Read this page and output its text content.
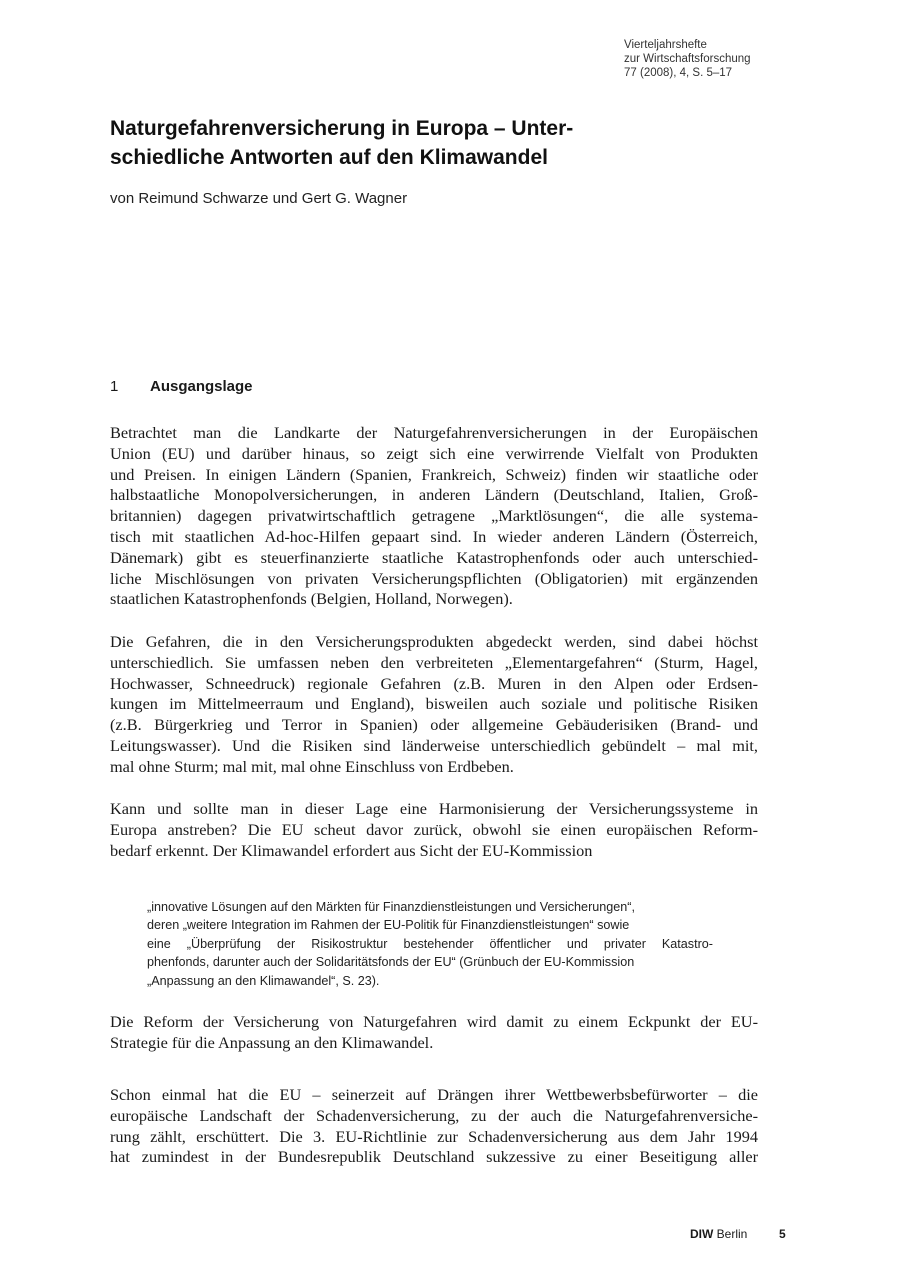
Vierteljahrshefte
zur Wirtschaftsforschung
77 (2008), 4, S. 5–17
Naturgefahrenversicherung in Europa – Unter-
schiedliche Antworten auf den Klimawandel
von Reimund Schwarze und Gert G. Wagner
1 Ausgangslage
Betrachtet man die Landkarte der Naturgefahrenversicherungen in der Europäischen
Union (EU) und darüber hinaus, so zeigt sich eine verwirrende Vielfalt von Produkten
und Preisen. In einigen Ländern (Spanien, Frankreich, Schweiz) finden wir staatliche oder
halbstaatliche Monopolversicherungen, in anderen Ländern (Deutschland, Italien, Groß-
britannien) dagegen privatwirtschaftlich getragene „Marktlösungen“, die alle systema-
tisch mit staatlichen Ad-hoc-Hilfen gepaart sind. In wieder anderen Ländern (Österreich,
Dänemark) gibt es steuerfinanzierte staatliche Katastrophenfonds oder auch unterschied-
liche Mischlösungen von privaten Versicherungspflichten (Obligatorien) mit ergänzenden
staatlichen Katastrophenfonds (Belgien, Holland, Norwegen).
Die Gefahren, die in den Versicherungsprodukten abgedeckt werden, sind dabei höchst
unterschiedlich. Sie umfassen neben den verbreiteten „Elementargefahren“ (Sturm, Hagel,
Hochwasser, Schneedruck) regionale Gefahren (z.B. Muren in den Alpen oder Erdsen-
kungen im Mittelmeerraum und England), bisweilen auch soziale und politische Risiken
(z.B. Bürgerkrieg und Terror in Spanien) oder allgemeine Gebäuderisiken (Brand- und
Leitungswasser). Und die Risiken sind länderweise unterschiedlich gebündelt – mal mit,
mal ohne Sturm; mal mit, mal ohne Einschluss von Erdbeben.
Kann und sollte man in dieser Lage eine Harmonisierung der Versicherungssysteme in
Europa anstreben? Die EU scheut davor zurück, obwohl sie einen europäischen Reform-
bedarf erkennt. Der Klimawandel erfordert aus Sicht der EU-Kommission
„innovative Lösungen auf den Märkten für Finanzdienstleistungen und Versicherungen“,
deren „weitere Integration im Rahmen der EU-Politik für Finanzdienstleistungen“ sowie
eine „Überprüfung der Risikostruktur bestehender öffentlicher und privater Katastro-
phenfonds, darunter auch der Solidaritätsfonds der EU“ (Grünbuch der EU-Kommission
„Anpassung an den Klimawandel“, S. 23).
Die Reform der Versicherung von Naturgefahren wird damit zu einem Eckpunkt der EU-
Strategie für die Anpassung an den Klimawandel.
Schon einmal hat die EU – seinerzeit auf Drängen ihrer Wettbewerbsbefürworter – die
europäische Landschaft der Schadenversicherung, zu der auch die Naturgefahrenversiche-
rung zählt, erschüttert. Die 3. EU-Richtlinie zur Schadenversicherung aus dem Jahr 1994
hat zumindest in der Bundesrepublik Deutschland sukzessive zu einer Beseitigung aller
DIW Berlin	5
